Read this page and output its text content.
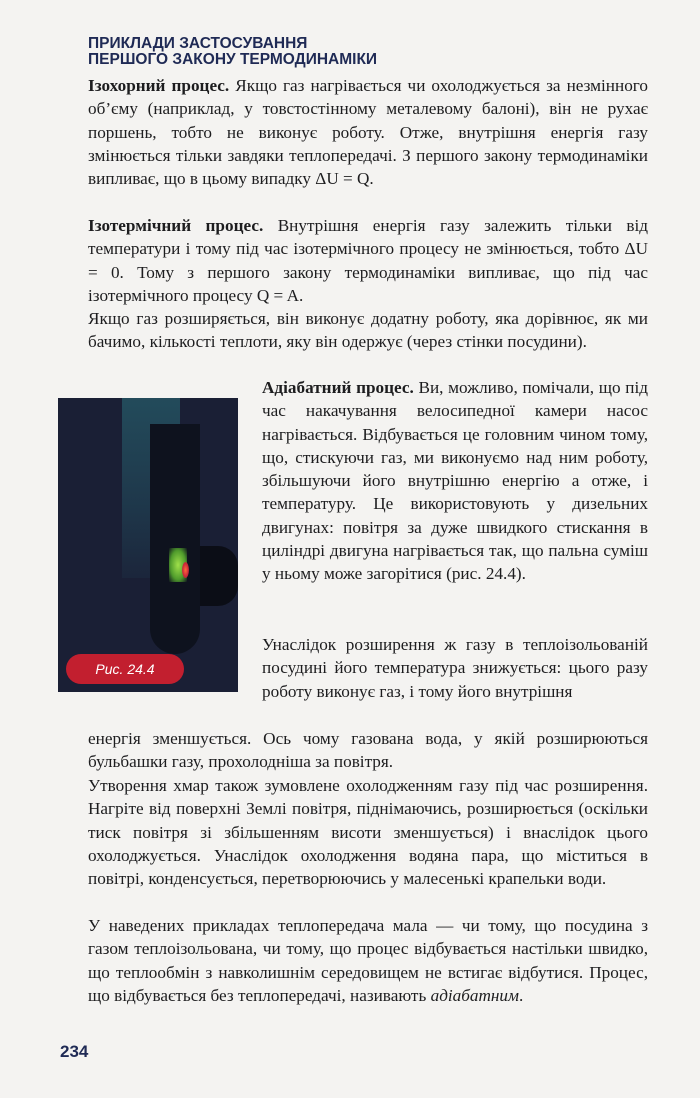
ПРИКЛАДИ ЗАСТОСУВАННЯ
ПЕРШОГО ЗАКОНУ ТЕРМОДИНАМІКИ

Ізохорний процес. Якщо газ нагрівається чи охолоджується за незмінного об’єму (наприклад, у товстостінному металевому балоні), він не рухає поршень, тобто не виконує роботу. Отже, внутрішня енергія газу змінюється тільки завдяки теплопередачі. З першого закону термодинаміки випливає, що в цьому випадку ΔU = Q.

Ізотермічний процес. Внутрішня енергія газу залежить тільки від температури і тому під час ізотермічного процесу не змінюється, тобто ΔU = 0. Тому з першого закону термодинаміки випливає, що під час ізотермічного процесу Q = A.

Якщо газ розширяється, він виконує додатну роботу, яка дорівнює, як ми бачимо, кількості теплоти, яку він одержує (через стінки посудини).

Рис. 24.4

Адіабатний процес. Ви, можливо, помічали, що під час накачування велосипедної камери насос нагрівається. Відбувається це головним чином тому, що, стискуючи газ, ми виконуємо над ним роботу, збільшуючи його внутрішню енергію а отже, і температуру. Це використовують у дизельних двигунах: повітря за дуже швидкого стискання в циліндрі двигуна нагрівається так, що пальна суміш у ньому може загорітися (рис. 24.4).

Унаслідок розширення ж газу в теплоізольованій посудині його температура знижується: цього разу роботу виконує газ, і тому його внутрішня

енергія зменшується. Ось чому газована вода, у якій розширюються бульбашки газу, прохолодніша за повітря.

Утворення хмар також зумовлене охолодженням газу під час розширення. Нагріте від поверхні Землі повітря, піднімаючись, розширюється (оскільки тиск повітря зі збільшенням висоти зменшується) і внаслідок цього охолоджується. Унаслідок охолодження водяна пара, що міститься в повітрі, конденсується, перетворюючись у малесенькі крапельки води.

У наведених прикладах теплопередача мала — чи тому, що посудина з газом теплоізольована, чи тому, що процес відбувається настільки швидко, що теплообмін з навколишнім середовищем не встигає відбутися. Процес, що відбувається без теплопередачі, називають адіабатним.

234
